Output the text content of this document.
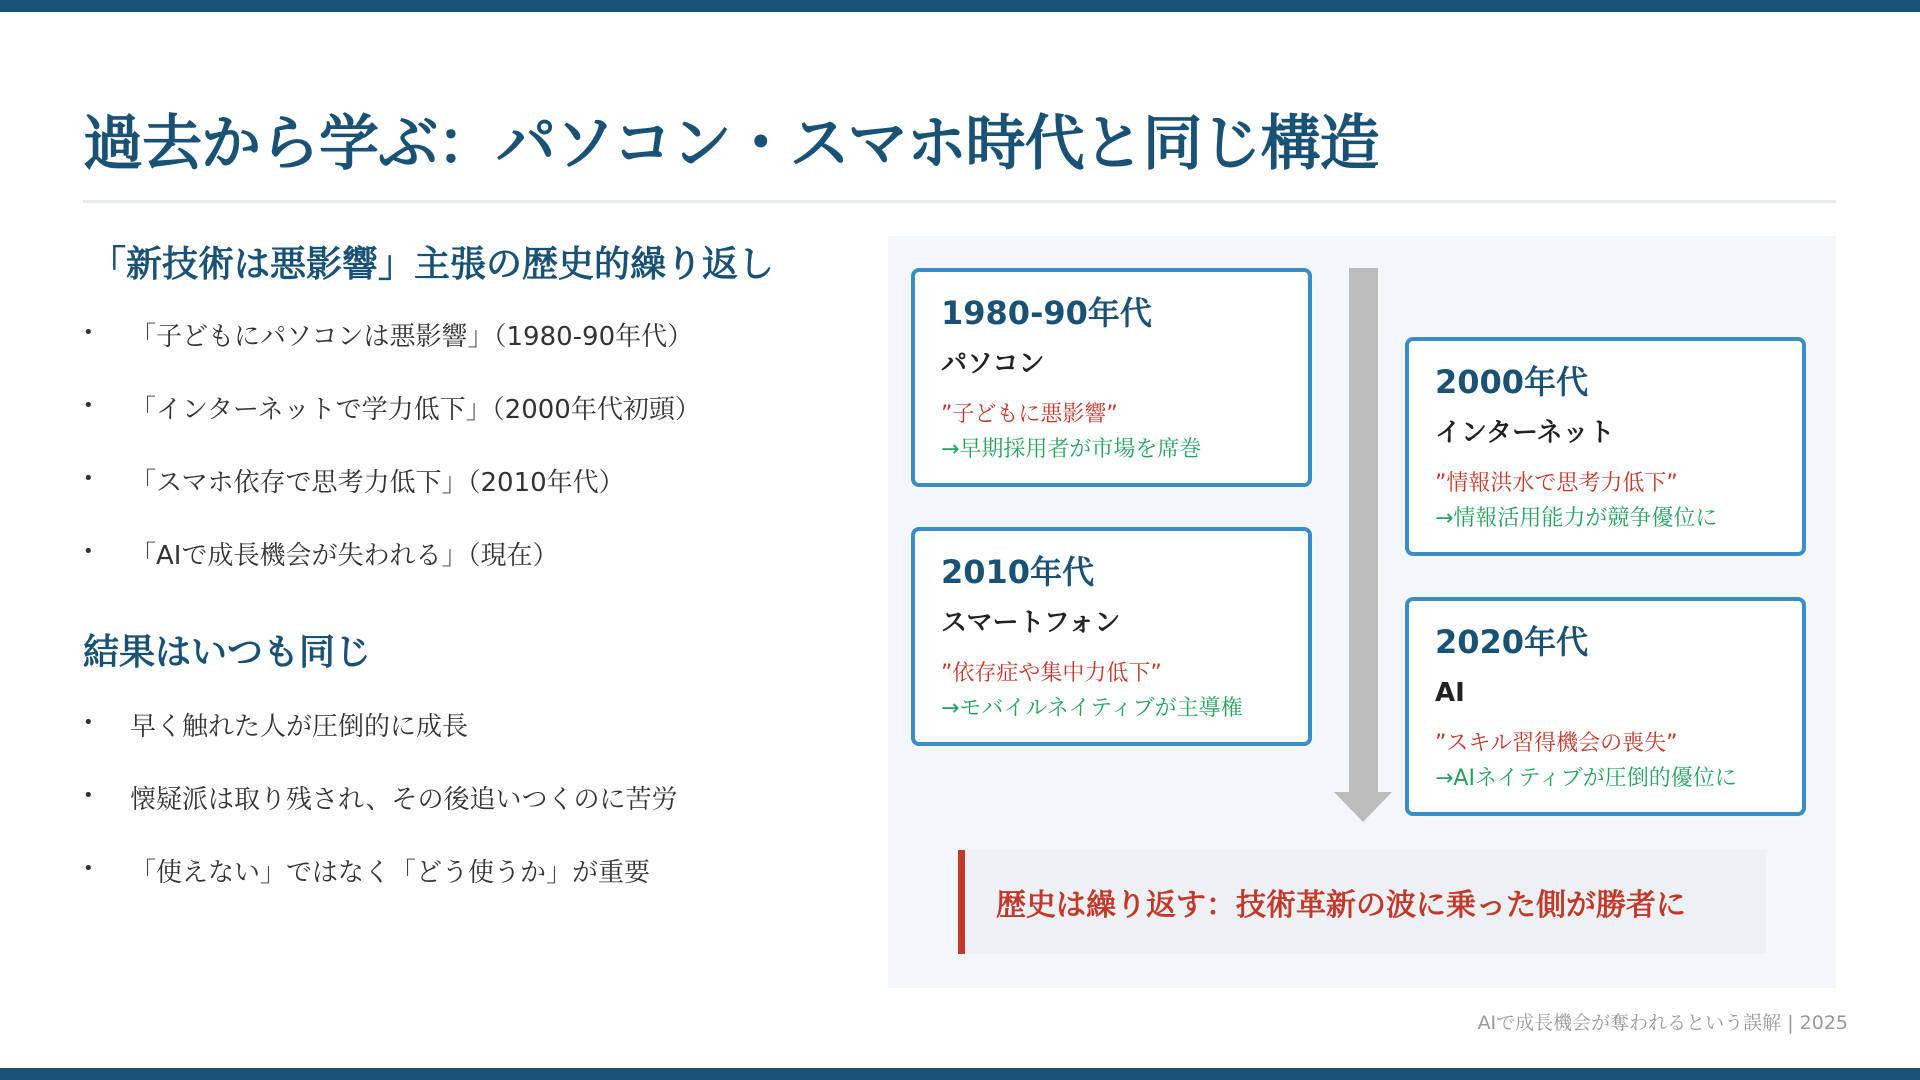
過去から学ぶ：パソコン・スマホ時代と同じ構造
「新技術は悪影響」主張の歴史的繰り返し
•	「子どもにパソコンは悪影響」（1980-90年代）
•	「インターネットで学力低下」（2000年代初頭）
•	「スマホ依存で思考力低下」（2010年代）
•	「AIで成長機会が失われる」（現在）
結果はいつも同じ
•	早く触れた人が圧倒的に成長
•	懐疑派は取り残され、その後追いつくのに苦労
•	「使えない」ではなく「どう使うか」が重要
1980-90年代
パソコン
”子どもに悪影響”
→早期採用者が市場を席巻
2000年代
インターネット
”情報洪水で思考力低下”
→情報活用能力が競争優位に
2010年代
スマートフォン
”依存症や集中力低下”
→モバイルネイティブが主導権
2020年代
AI
”スキル習得機会の喪失”
→AIネイティブが圧倒的優位に
歴史は繰り返す：技術革新の波に乗った側が勝者に
AIで成長機会が奪われるという誤解 | 2025
